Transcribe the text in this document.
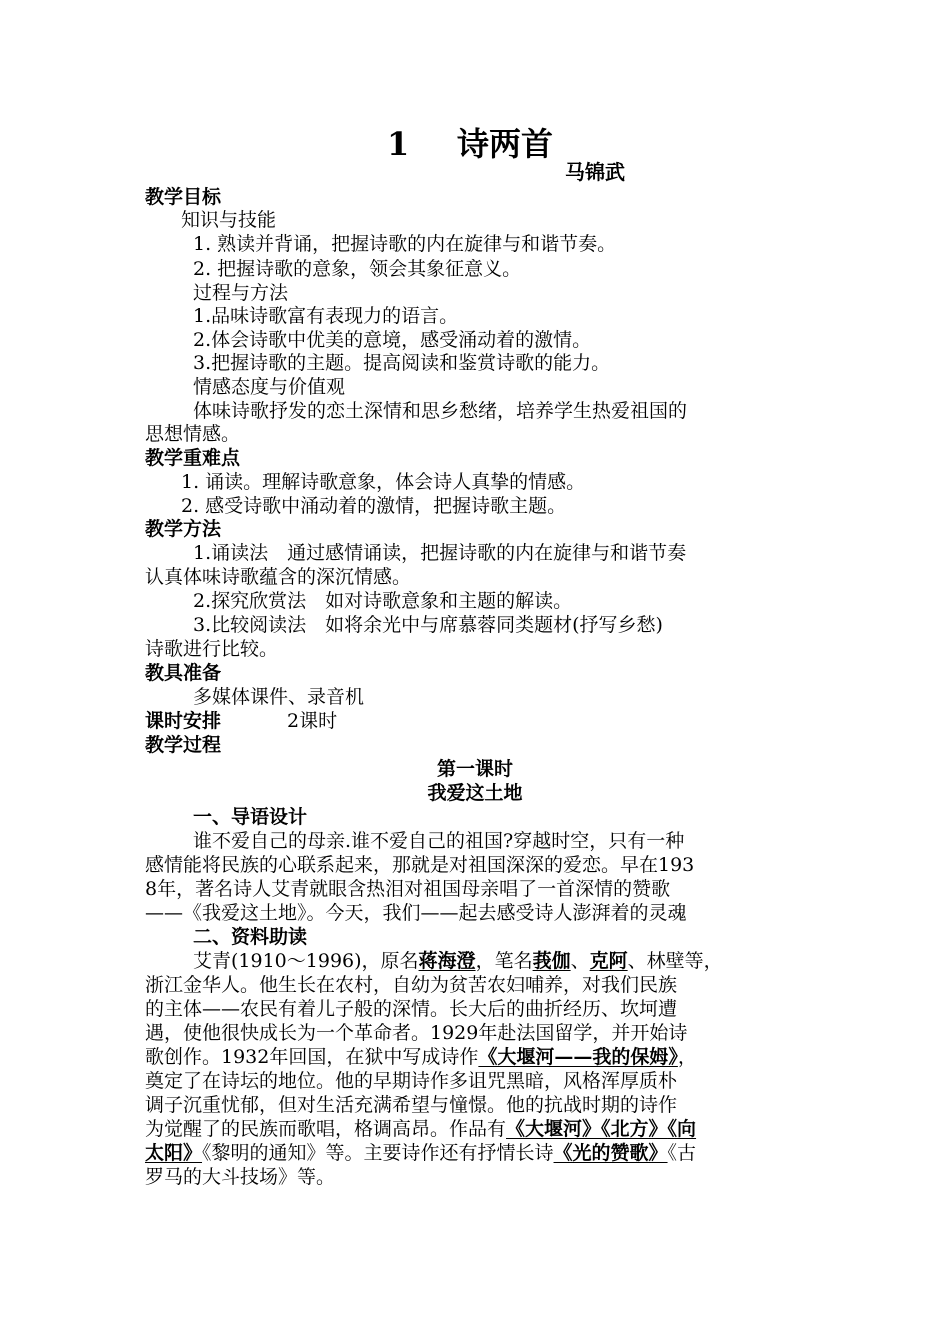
1 诗两首
马锦武
教学目标
知识与技能
1. 熟读并背诵，把握诗歌的内在旋律与和谐节奏。
2. 把握诗歌的意象，领会其象征意义。
过程与方法
1.品味诗歌富有表现力的语言。
2.体会诗歌中优美的意境，感受涌动着的激情。
3.把握诗歌的主题。提高阅读和鉴赏诗歌的能力。
情感态度与价值观
体味诗歌抒发的恋土深情和思乡愁绪，培养学生热爱祖国的
思想情感。
教学重难点
1. 诵读。理解诗歌意象，体会诗人真挚的情感。
2. 感受诗歌中涌动着的激情，把握诗歌主题。
教学方法
1.诵读法　通过感情诵读，把握诗歌的内在旋律与和谐节奏
认真体味诗歌蕴含的深沉情感。
2.探究欣赏法　如对诗歌意象和主题的解读。
3.比较阅读法　如将余光中与席慕蓉同类题材(抒写乡愁)
诗歌进行比较。
教具准备
多媒体课件、录音机
课时安排	2课时
教学过程
第一课时
我爱这土地
一、导语设计
谁不爱自己的母亲.谁不爱自己的祖国?穿越时空，只有一种
感情能将民族的心联系起来，那就是对祖国深深的爱恋。早在193
8年，著名诗人艾青就眼含热泪对祖国母亲唱了一首深情的赞歌
——《我爱这土地》。今天，我们——起去感受诗人澎湃着的灵魂
二、资料助读
艾青(1910～1996)，原名蒋海澄，笔名莪伽、克阿、林壁等，
浙江金华人。他生长在农村，自幼为贫苦农妇哺养，对我们民族
的主体——农民有着儿子般的深情。长大后的曲折经历、坎坷遭
遇，使他很快成长为一个革命者。1929年赴法国留学，并开始诗
歌创作。1932年回国，在狱中写成诗作《大堰河——我的保姆》，
奠定了在诗坛的地位。他的早期诗作多诅咒黑暗，风格浑厚质朴
调子沉重忧郁，但对生活充满希望与憧憬。他的抗战时期的诗作
为觉醒了的民族而歌唱，格调高昂。作品有《大堰河》《北方》《向
太阳》《黎明的通知》等。主要诗作还有抒情长诗《光的赞歌》《古
罗马的大斗技场》等。
